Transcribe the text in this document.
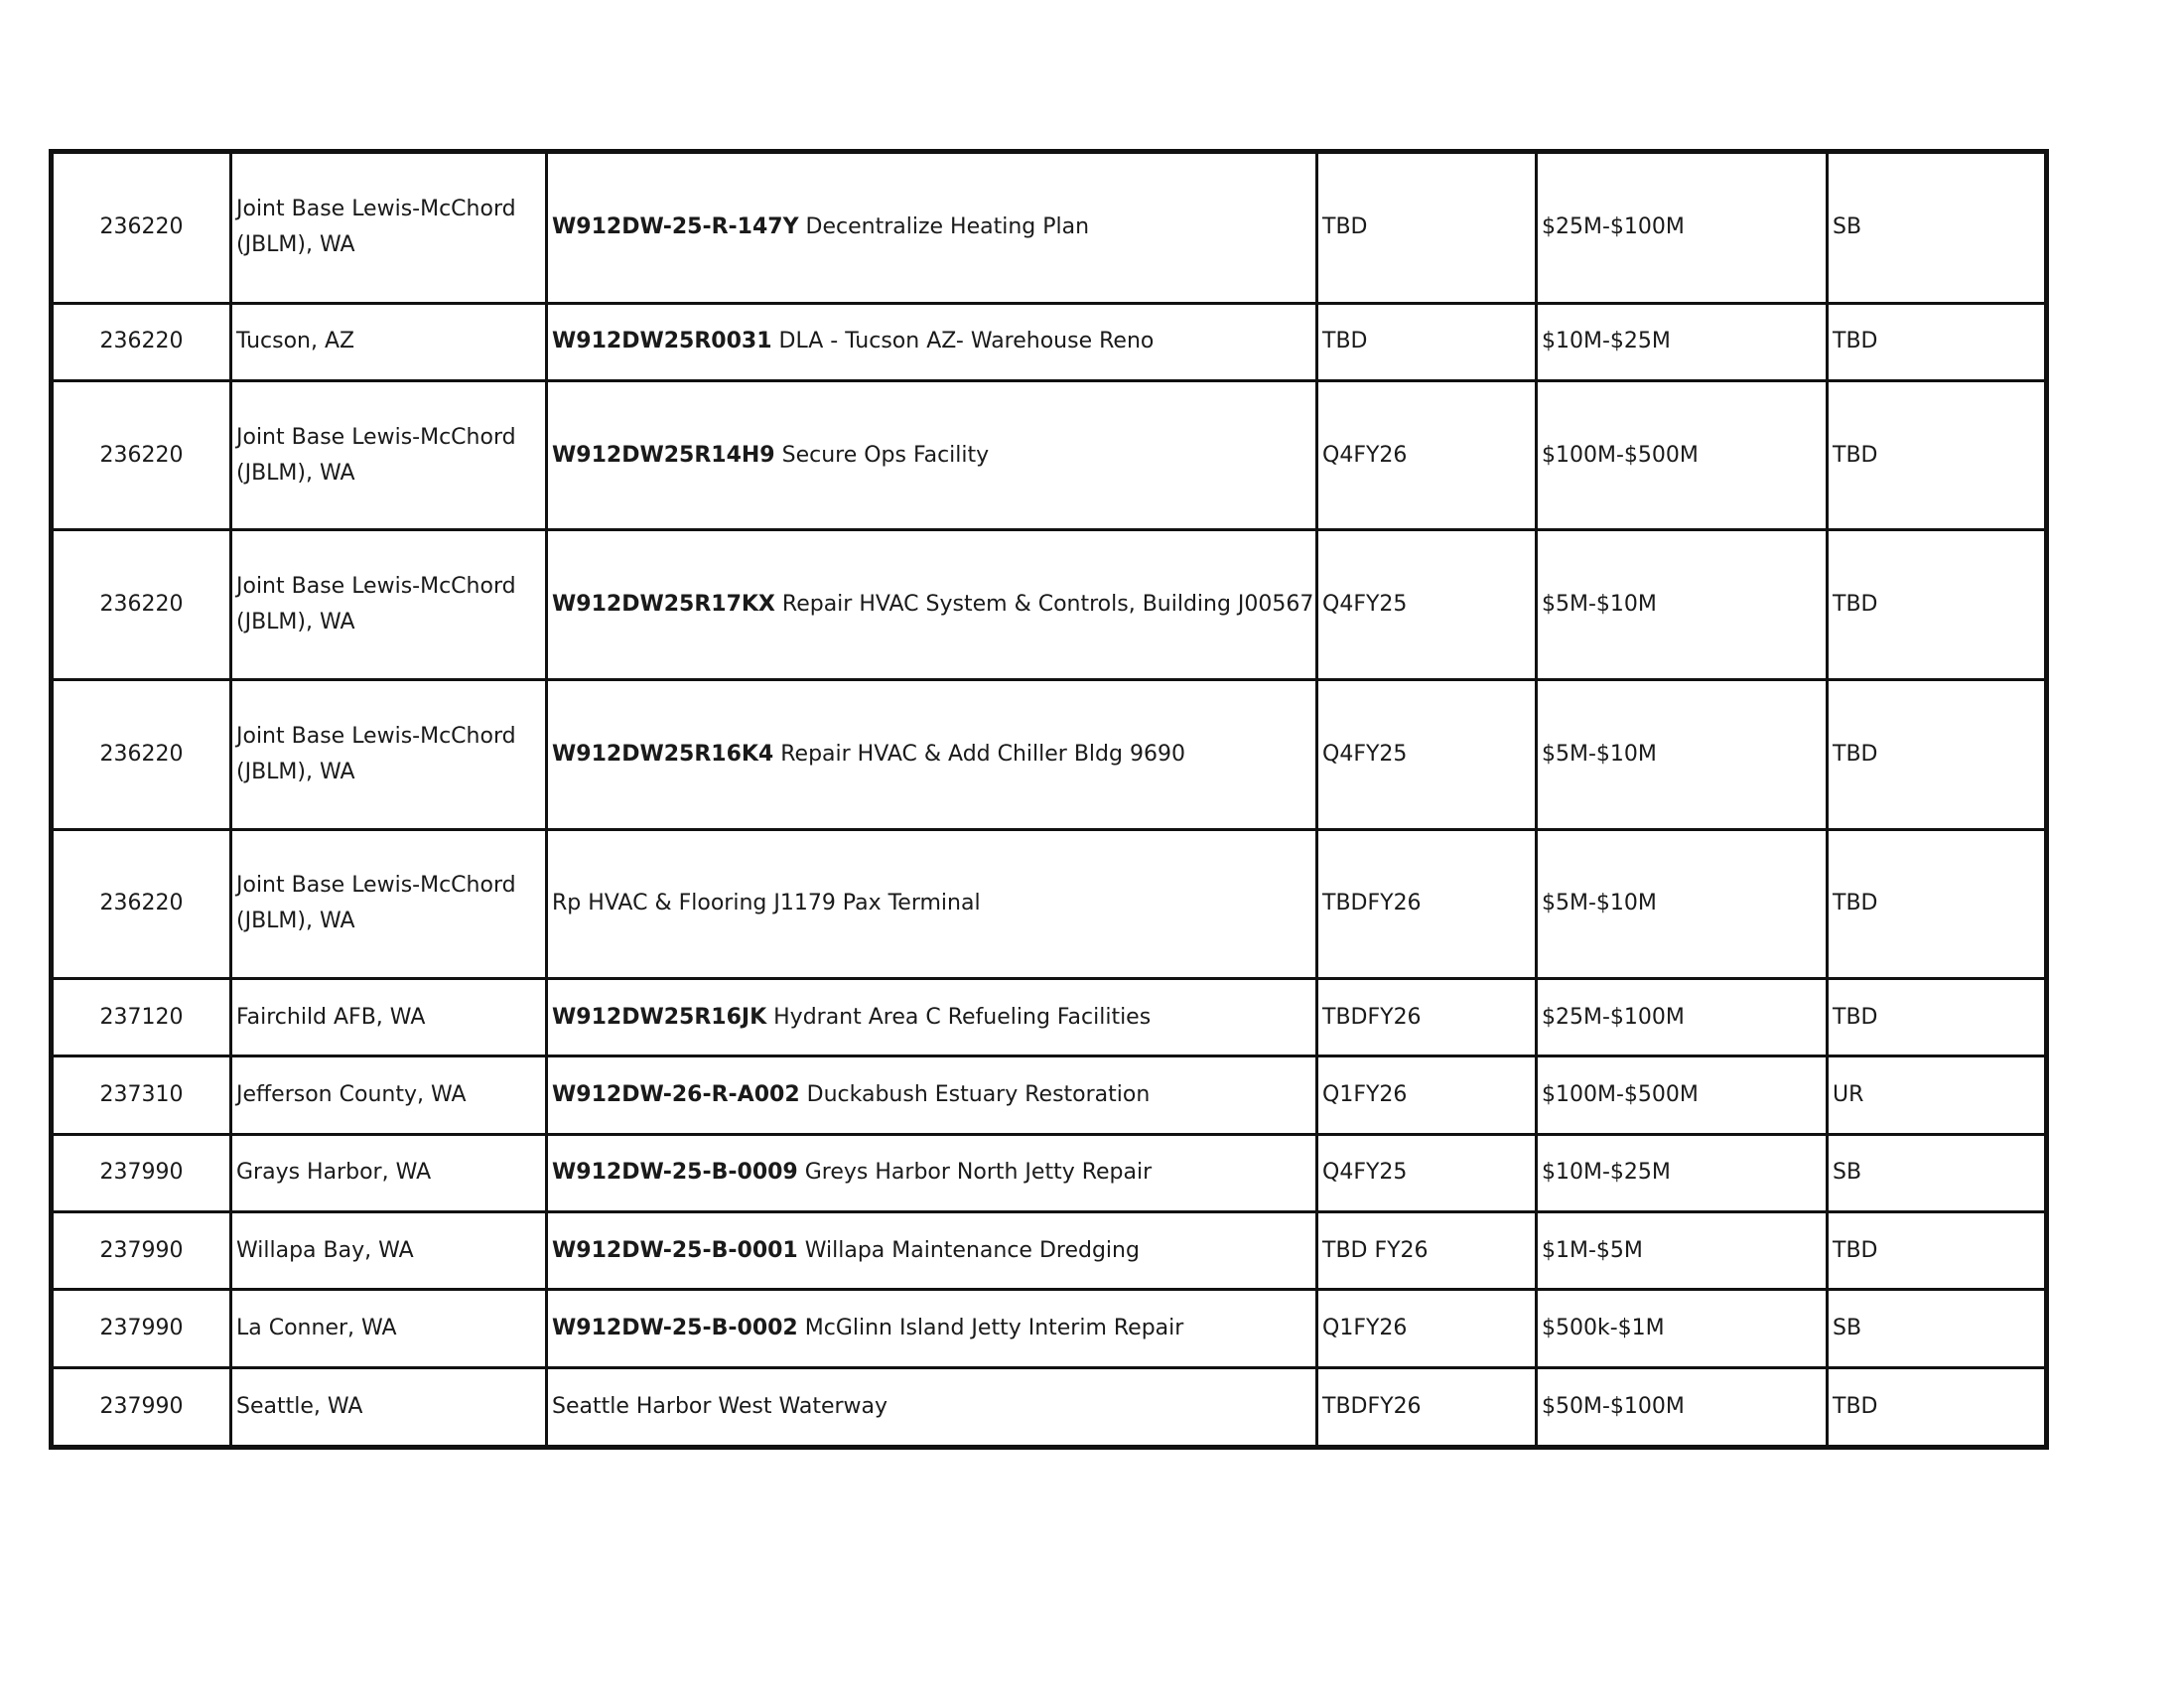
236220	Joint Base Lewis-McChord (JBLM), WA	W912DW-25-R-147Y Decentralize Heating Plan	TBD	$25M-$100M	SB
236220	Tucson, AZ	W912DW25R0031 DLA - Tucson AZ- Warehouse Reno	TBD	$10M-$25M	TBD
236220	Joint Base Lewis-McChord (JBLM), WA	W912DW25R14H9 Secure Ops Facility	Q4FY26	$100M-$500M	TBD
236220	Joint Base Lewis-McChord (JBLM), WA	W912DW25R17KX Repair HVAC System & Controls, Building J00567	Q4FY25	$5M-$10M	TBD
236220	Joint Base Lewis-McChord (JBLM), WA	W912DW25R16K4 Repair HVAC & Add Chiller Bldg 9690	Q4FY25	$5M-$10M	TBD
236220	Joint Base Lewis-McChord (JBLM), WA	Rp HVAC & Flooring J1179 Pax Terminal	TBDFY26	$5M-$10M	TBD
237120	Fairchild AFB, WA	W912DW25R16JK Hydrant Area C Refueling Facilities	TBDFY26	$25M-$100M	TBD
237310	Jefferson County, WA	W912DW-26-R-A002 Duckabush Estuary Restoration	Q1FY26	$100M-$500M	UR
237990	Grays Harbor, WA	W912DW-25-B-0009 Greys Harbor North Jetty Repair	Q4FY25	$10M-$25M	SB
237990	Willapa Bay, WA	W912DW-25-B-0001 Willapa Maintenance Dredging	TBD FY26	$1M-$5M	TBD
237990	La Conner, WA	W912DW-25-B-0002 McGlinn Island Jetty Interim Repair	Q1FY26	$500k-$1M	SB
237990	Seattle, WA	Seattle Harbor West Waterway	TBDFY26	$50M-$100M	TBD
